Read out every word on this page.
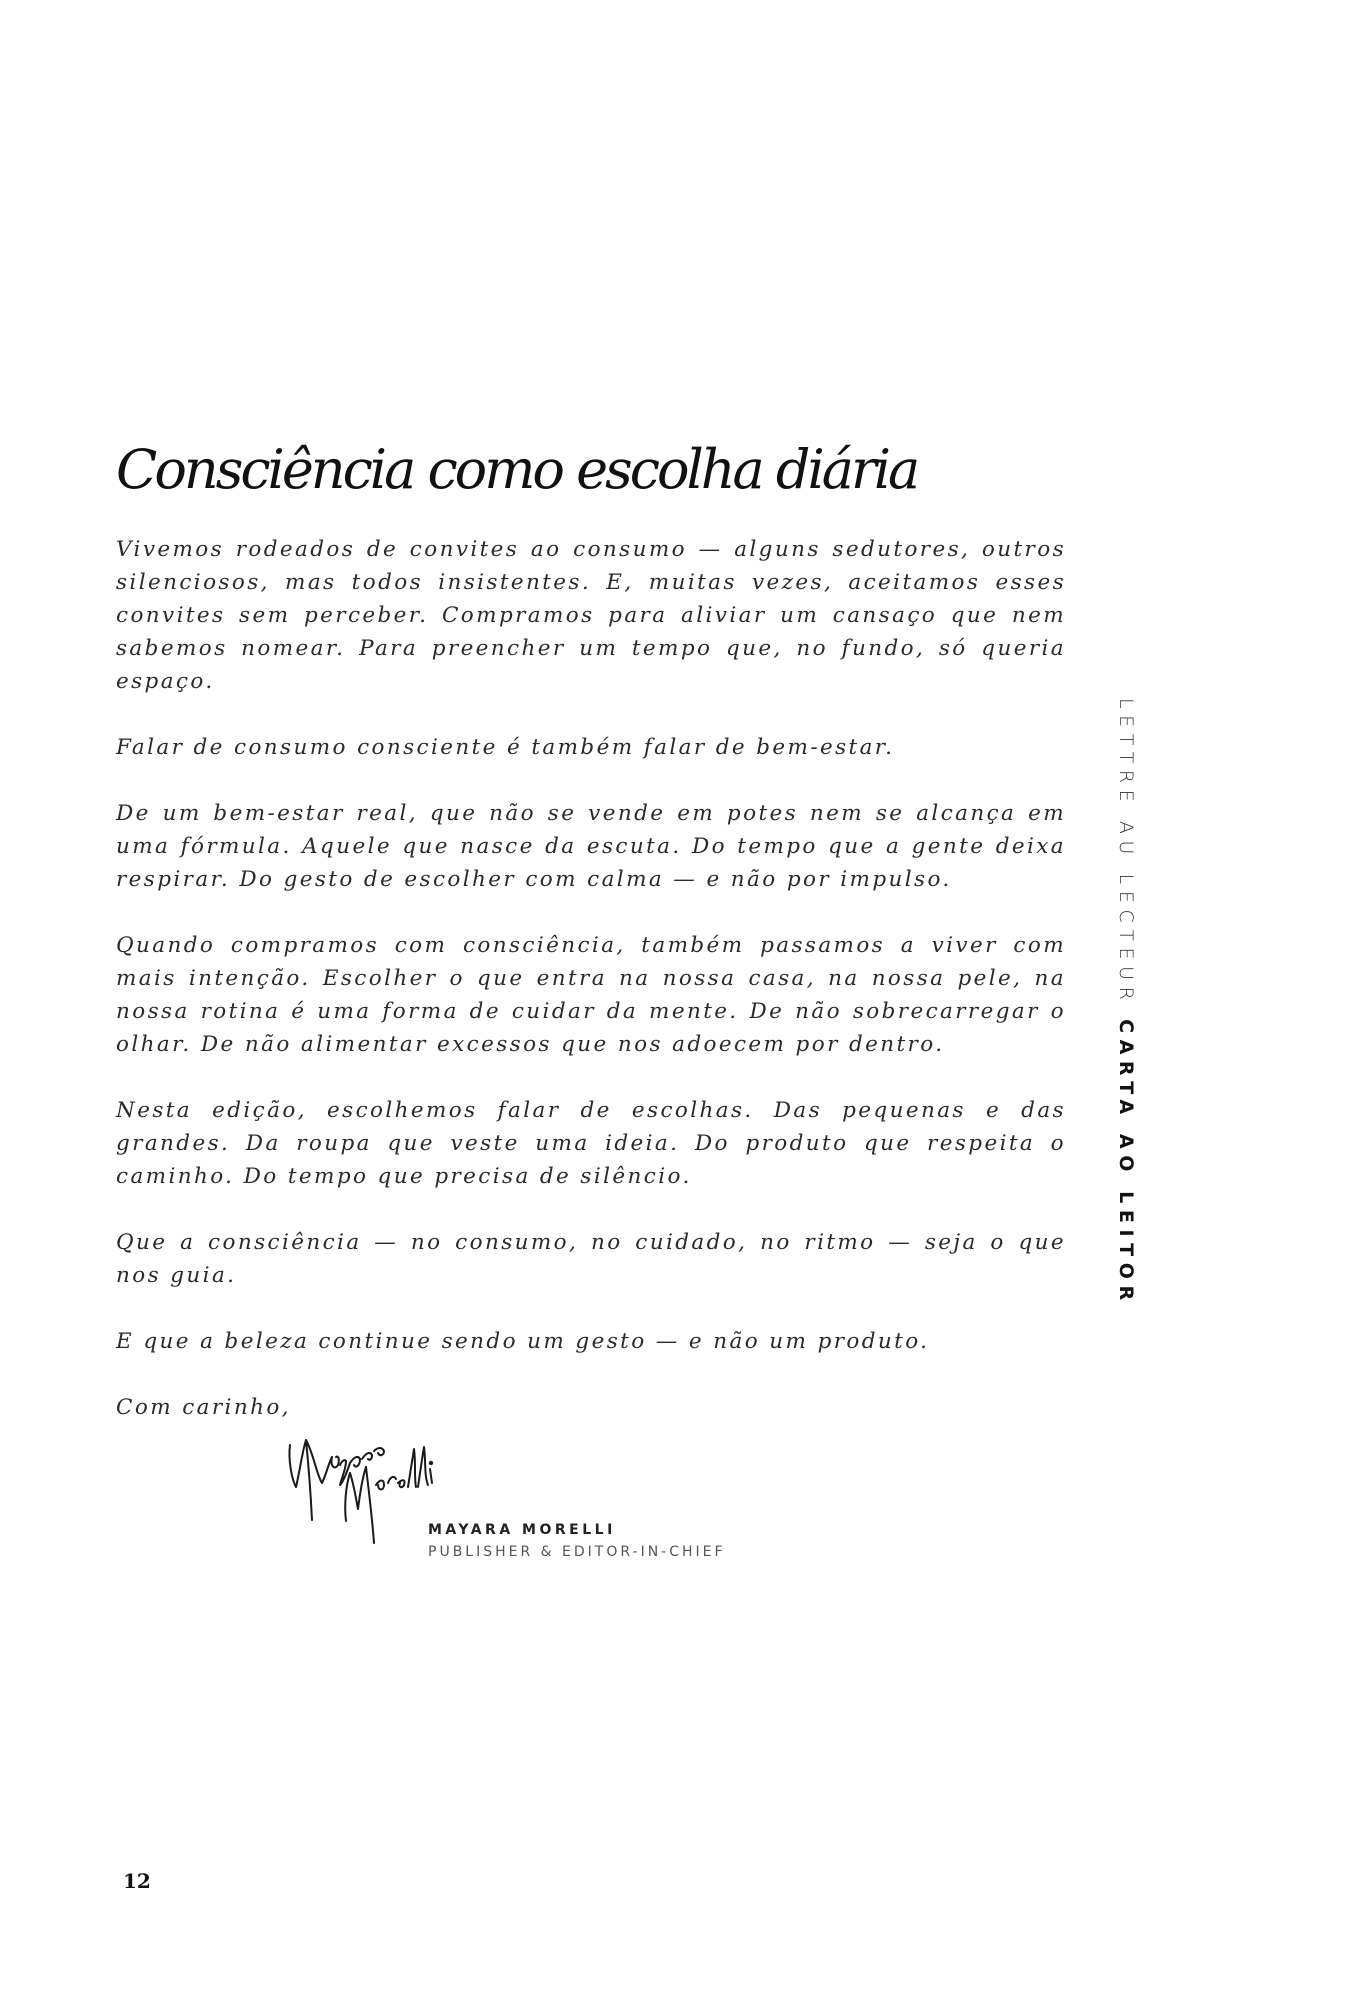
Consciência como escolha diária

Vivemos rodeados de convites ao consumo — alguns sedutores, outros silenciosos, mas todos insistentes. E, muitas vezes, aceitamos esses convites sem perceber. Compramos para aliviar um cansaço que nem sabemos nomear. Para preencher um tempo que, no fundo, só queria espaço.

Falar de consumo consciente é também falar de bem-estar.

De um bem-estar real, que não se vende em potes nem se alcança em uma fórmula. Aquele que nasce da escuta. Do tempo que a gente deixa respirar. Do gesto de escolher com calma — e não por impulso.

Quando compramos com consciência, também passamos a viver com mais intenção. Escolher o que entra na nossa casa, na nossa pele, na nossa rotina é uma forma de cuidar da mente. De não sobrecarregar o olhar. De não alimentar excessos que nos adoecem por dentro.

Nesta edição, escolhemos falar de escolhas. Das pequenas e das grandes. Da roupa que veste uma ideia. Do produto que respeita o caminho. Do tempo que precisa de silêncio.

Que a consciência — no consumo, no cuidado, no ritmo — seja o que nos guia.

E que a beleza continue sendo um gesto — e não um produto.

Com carinho,

MAYARA MORELLI
PUBLISHER & EDITOR-IN-CHIEF
LETTRE AU LECTEUR CARTA AO LEITOR
12
